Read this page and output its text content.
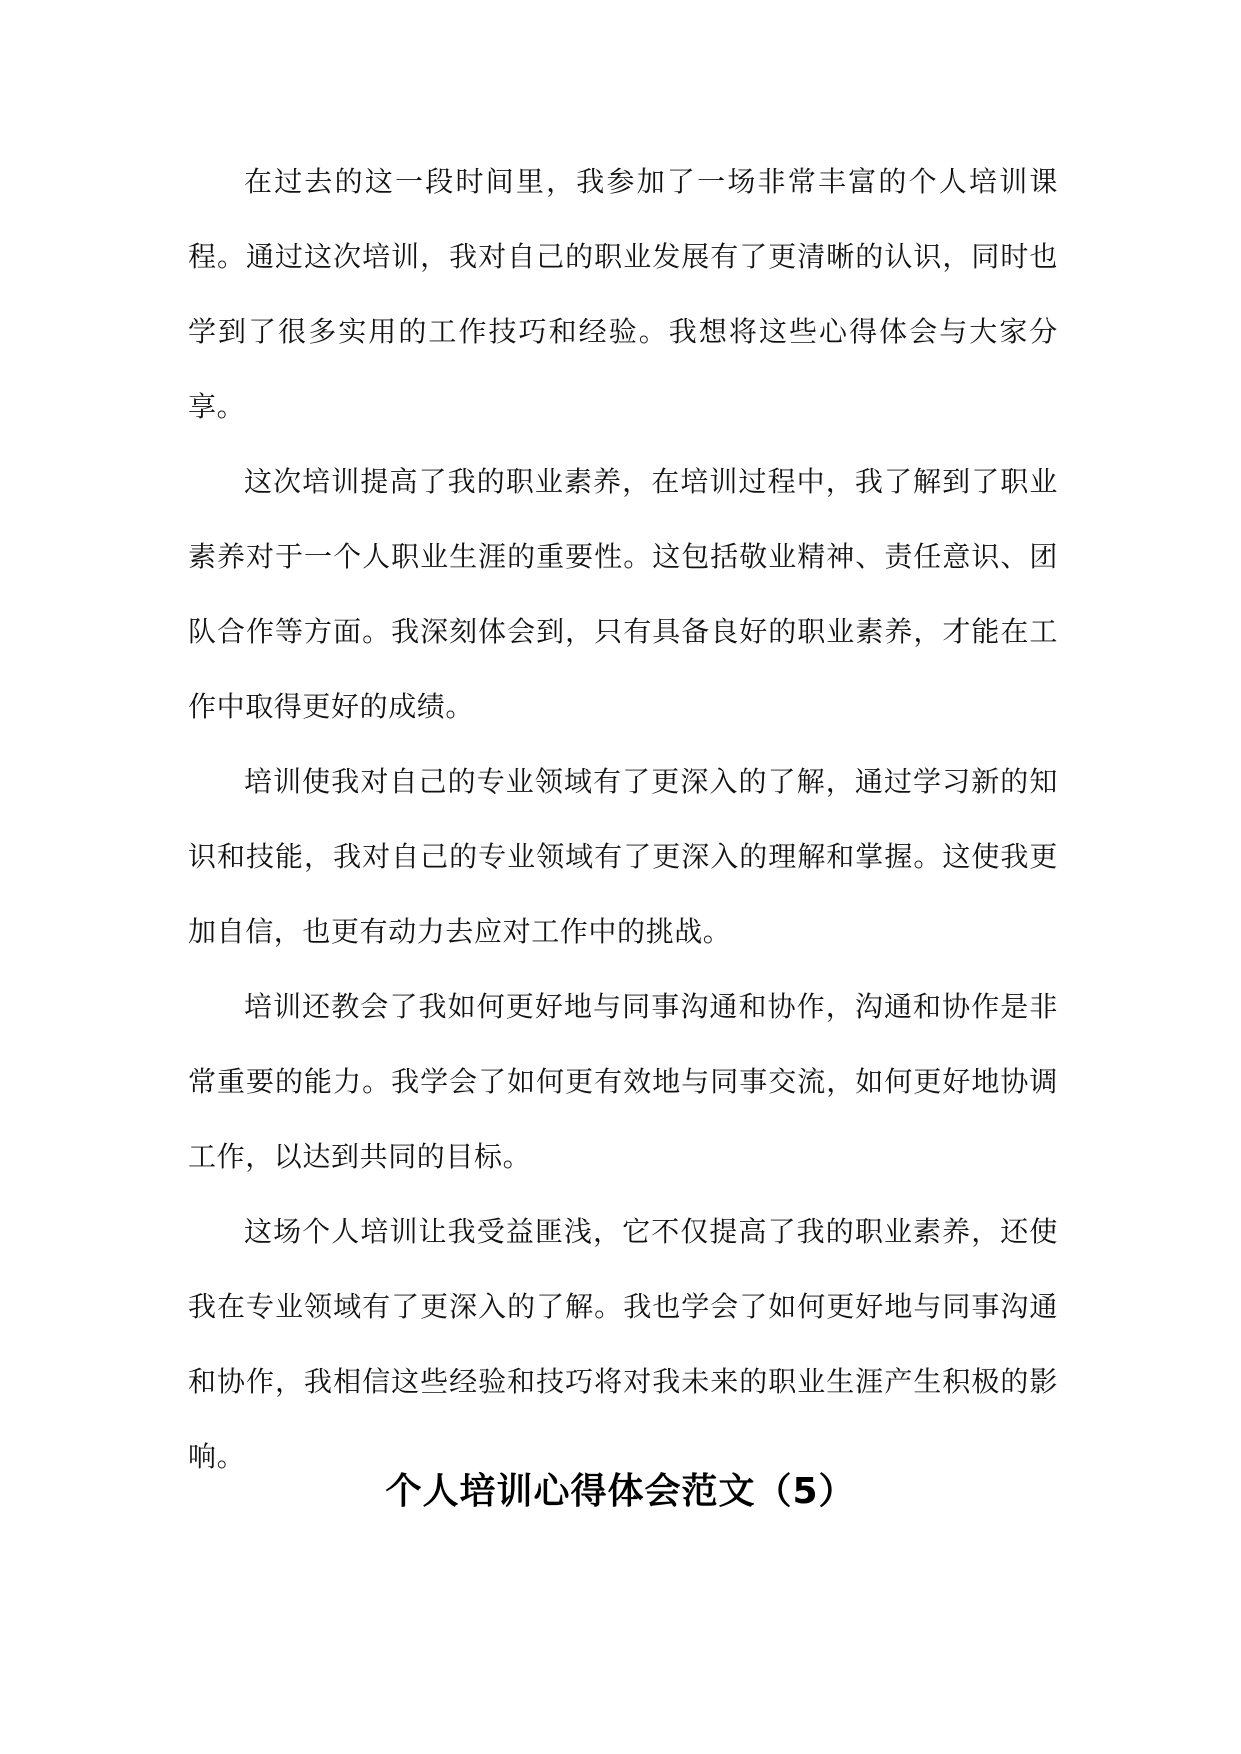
在过去的这一段时间里，我参加了一场非常丰富的个人培训课程。通过这次培训，我对自己的职业发展有了更清晰的认识，同时也学到了很多实用的工作技巧和经验。我想将这些心得体会与大家分享。

这次培训提高了我的职业素养，在培训过程中，我了解到了职业素养对于一个人职业生涯的重要性。这包括敬业精神、责任意识、团队合作等方面。我深刻体会到，只有具备良好的职业素养，才能在工作中取得更好的成绩。

培训使我对自己的专业领域有了更深入的了解，通过学习新的知识和技能，我对自己的专业领域有了更深入的理解和掌握。这使我更加自信，也更有动力去应对工作中的挑战。

培训还教会了我如何更好地与同事沟通和协作，沟通和协作是非常重要的能力。我学会了如何更有效地与同事交流，如何更好地协调工作，以达到共同的目标。

这场个人培训让我受益匪浅，它不仅提高了我的职业素养，还使我在专业领域有了更深入的了解。我也学会了如何更好地与同事沟通和协作，我相信这些经验和技巧将对我未来的职业生涯产生积极的影响。

个人培训心得体会范文（5）
